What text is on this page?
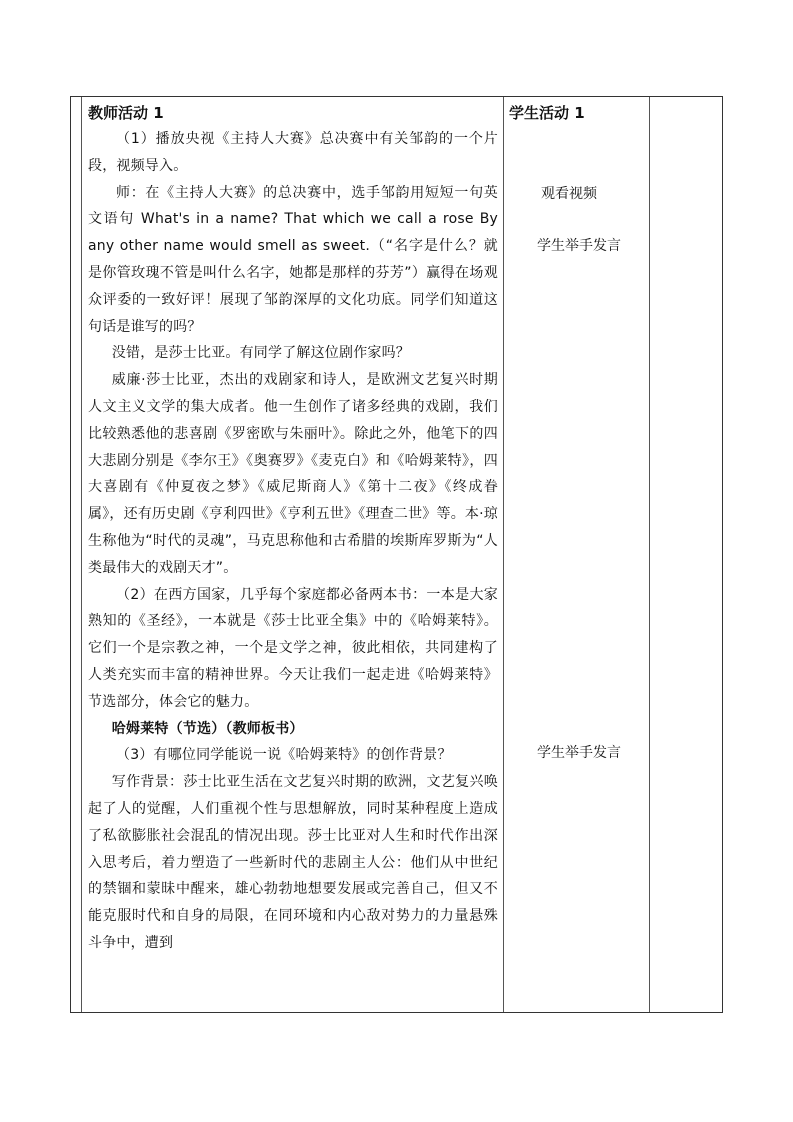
教师活动 1

（1）播放央视《主持人大赛》总决赛中有关邹韵的一个片段，视频导入。

师：在《主持人大赛》的总决赛中，选手邹韵用短短一句英文语句 What's in a name? That which we call a rose By any other name would smell as sweet.（“名字是什么？就是你管玫瑰不管是叫什么名字，她都是那样的芬芳”）赢得在场观众评委的一致好评！展现了邹韵深厚的文化功底。同学们知道这句话是谁写的吗？

没错，是莎士比亚。有同学了解这位剧作家吗？

威廉·莎士比亚，杰出的戏剧家和诗人，是欧洲文艺复兴时期人文主义文学的集大成者。他一生创作了诸多经典的戏剧，我们比较熟悉他的悲喜剧《罗密欧与朱丽叶》。除此之外，他笔下的四大悲剧分别是《李尔王》《奥赛罗》《麦克白》和《哈姆莱特》，四大喜剧有《仲夏夜之梦》《威尼斯商人》《第十二夜》《终成眷属》，还有历史剧《亨利四世》《亨利五世》《理查二世》等。本·琼生称他为“时代的灵魂”，马克思称他和古希腊的埃斯库罗斯为“人类最伟大的戏剧天才”。

（2）在西方国家，几乎每个家庭都必备两本书：一本是大家熟知的《圣经》，一本就是《莎士比亚全集》中的《哈姆莱特》。它们一个是宗教之神，一个是文学之神，彼此相依，共同建构了人类充实而丰富的精神世界。今天让我们一起走进《哈姆莱特》节选部分，体会它的魅力。

哈姆莱特（节选）（教师板书）

（3）有哪位同学能说一说《哈姆莱特》的创作背景？

写作背景：莎士比亚生活在文艺复兴时期的欧洲，文艺复兴唤起了人的觉醒，人们重视个性与思想解放，同时某种程度上造成了私欲膨胀社会混乱的情况出现。莎士比亚对人生和时代作出深入思考后，着力塑造了一些新时代的悲剧主人公：他们从中世纪的禁锢和蒙昧中醒来，雄心勃勃地想要发展或完善自己，但又不能克服时代和自身的局限，在同环境和内心敌对势力的力量悬殊斗争中，遭到

学生活动 1

观看视频
学生举手发言
学生举手发言
